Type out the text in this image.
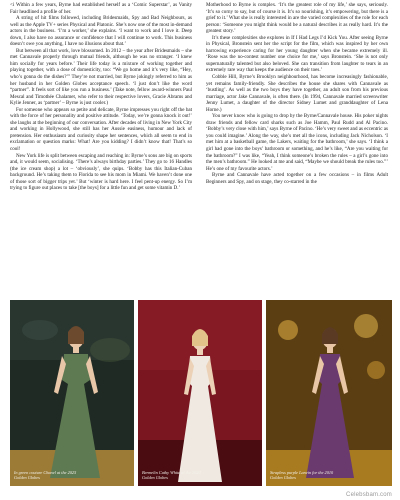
<i Within a few years, Byrne had established herself as a ‘Comic Superstar’, as Vanity Fair headlined a profile of her.

A string of hit films followed, including Bridesmaids, Spy and Bad Neighbours, as well as the Apple TV+ series Physical and Platonic. She’s now one of the most in-demand actors in the business. ‘I’m a worker,’ she explains. ‘I want to work and I love it. Deep down, I also have no assurance or confidence that I will continue to work. This business doesn’t owe you anything, I have no illusions about that.’

But between all that work, love blossomed. In 2012 – the year after Bridesmaids – she met Cannavale properly through mutual friends, although he was no stranger. ‘I knew him socially for years before.’ Their life today is a mixture of working together and playing together, with a dose of domesticity, too: “We go home and it’s very like, “Hey, who’s gonna do the dishes?”’ They’re not married, but Byrne jokingly referred to him as her husband in her Golden Globes acceptance speech. ‘I just don’t like the word “partner”. It feels sort of like you run a business.’ (Take note, fellow award-winners Paul Mescal and Timothée Chalamet, who refer to their respective lovers, Gracie Abrams and Kylie Jenner, as ‘partner’ – Byrne is just cooler.)

For someone who appears so petite and delicate, Byrne impresses you right off the bat with the force of her personality and positive attitude. ‘Today, we’re gonna knock it out!’ she laughs at the beginning of our conversation. After decades of living in New York City and working in Hollywood, she still has her Aussie easiness, humour and lack of pretension. Her enthusiasm and curiosity shape her sentences, which all seem to end in exclamation or question marks: What! Are you kidding? I didn’t know that! That’s so cool!

New York life is split between escaping and reaching in: Byrne’s sons are big on sports and, it would seem, socialising. ‘There’s always birthday parties.’ They go to 16 Handles (the ice cream shop) a lot – ‘obviously’, she quips. ‘Bobby has this Italian-Cuban background. He’s taking them to Florida to see his mom in Miami. We haven’t done one of those sort of bigger trips yet.’ But ‘winter is hard here. I feel pent-up energy. So I’m trying to figure out places to take [the boys] for a little fun and get some vitamin D.’

Motherhood to Byrne is complex. ‘It’s the greatest role of my life,’ she says, seriously. ‘It’s so corny to say, but of course it is. It’s so nourishing, it’s empowering, but there is a grief to it.’ What she is really interested in are the varied complexities of the role for each person: ‘Someone you might think would be a natural describes it as really hard. It’s the greatest story.’

It’s these complexities she explores in If I Had Legs I’d Kick You. After seeing Byrne in Physical, Bronstein sent her the script for the film, which was inspired by her own harrowing experience caring for her young daughter when she became extremely ill. ‘Rose was the no-contest number one choice for me,’ says Bronstein. ‘She is not only supernaturally talented but also beloved. She can transition from laughter to tears in an extremely rare way that keeps the audience on their toes.’

Cobble Hill, Byrne’s Brooklyn neighbourhood, has become increasingly fashionable, yet remains family-friendly. She describes the house she shares with Cannavale as ‘bustling’. As well as the two boys they have together, an adult son from his previous marriage, actor Jake Cannavale, is often there. (In 1994, Cannavale married screenwriter Jenny Lumet, a daughter of the director Sidney Lumet and granddaughter of Lena Horne.)

You never know who is going to drop by the Byrne/Cannavale house. His poker nights draw friends and fellow card sharks such as Joe Hamm, Paul Rudd and Al Pacino. ‘Bobby’s very close with him,’ says Byrne of Pacino. ‘He’s very sweet and as eccentric as you could imagine.’ Along the way, she’s met all the icons, including Jack Nicholson. ‘I met him at a basketball game, the Lakers, waiting for the bathroom,’ she says. ‘I think a girl had gone into the boys’ bathroom or something, and he’s like, “Are you waiting for the bathroom?” I was like, “Yeah, I think someone’s broken the rules – a girl’s gone into the men’s bathroom.” He looked at me and said, “Maybe we should break the rules too.”’ He’s one of my favourite actors.’

Byrne and Cannavale have acted together on a few occasions – in films Adult Beginners and Spy, and on stage, they co-starred in the

In green couture Chanel at the 2025 Golden Globes
Bermelin Cathy White at the 2020 Golden Globes
Strapless purple Lanvin for the 2010 Golden Globes
Celebsbam.com
